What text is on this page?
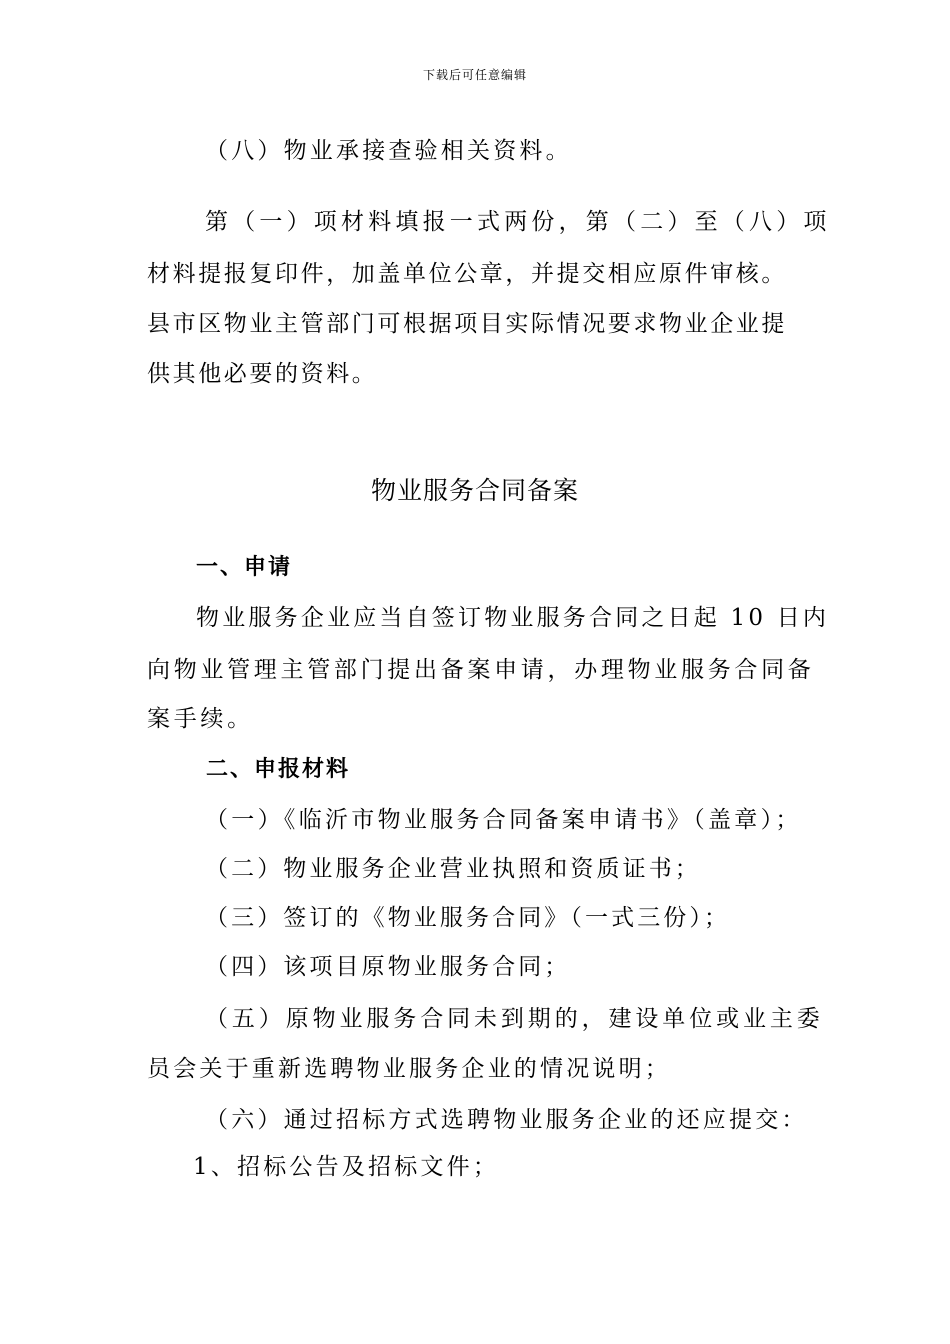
下载后可任意编辑
（八）物业承接查验相关资料。
第（一）项材料填报一式两份，第（二）至（八）项
材料提报复印件，加盖单位公章，并提交相应原件审核。
县市区物业主管部门可根据项目实际情况要求物业企业提
供其他必要的资料。
物业服务合同备案
一、申请
物业服务企业应当自签订物业服务合同之日起 10 日内
向物业管理主管部门提出备案申请，办理物业服务合同备
案手续。
二、申报材料
（一）《临沂市物业服务合同备案申请书》（盖章）；
（二）物业服务企业营业执照和资质证书；
（三）签订的《物业服务合同》（一式三份）；
（四）该项目原物业服务合同；
（五）原物业服务合同未到期的，建设单位或业主委
员会关于重新选聘物业服务企业的情况说明；
（六）通过招标方式选聘物业服务企业的还应提交：
1、招标公告及招标文件；
